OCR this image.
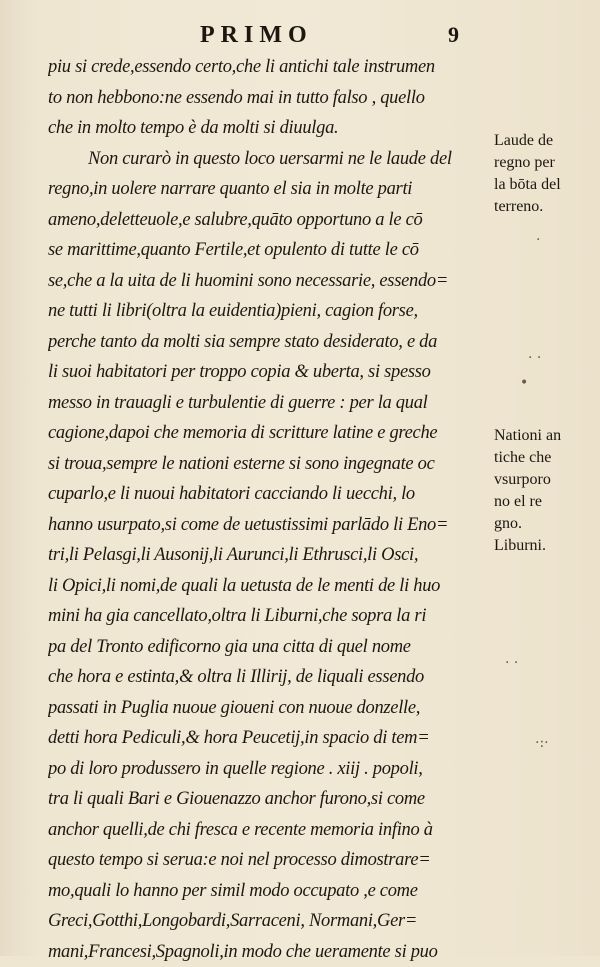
PRIMO	9
piu si crede,essendo certo,che li antichi tale instrumen
to non hebbono:ne essendo mai in tutto falso , quello
che in molto tempo è da molti si diuulga.
Non curarò in questo loco uersarmi ne le laude del
regno,in uolere narrare quanto el sia in molte parti
ameno,deletteuole,e salubre,quāto opportuno a le cō
se marittime,quanto Fertile,et opulento di tutte le cō
se,che a la uita de li huomini sono necessarie, essendo=
ne tutti li libri(oltra la euidentia)pieni, cagion forse,
perche tanto da molti sia sempre stato desiderato, e da
li suoi habitatori per troppo copia & uberta, si spesso
messo in trauagli e turbulentie di guerre : per la qual
cagione,dapoi che memoria di scritture latine e greche
si troua,sempre le nationi esterne si sono ingegnate oc
cuparlo,e li nuoui habitatori cacciando li uecchi, lo
hanno usurpato,si come de uetustissimi parlādo li Eno=
tri,li Pelasgi,li Ausonij,li Aurunci,li Ethrusci,li Osci,
li Opici,li nomi,de quali la uetusta de le menti de li huo
mini ha gia cancellato,oltra li Liburni,che sopra la ri
pa del Tronto edificorno gia una citta di quel nome
che hora e estinta,& oltra li Illirij, de liquali essendo
passati in Puglia nuoue gioueni con nuoue donzelle,
detti hora Pediculi,& hora Peucetij,in spacio di tem=
po di loro produssero in quelle regione . xiij . popoli,
tra li quali Bari e Giouenazzo anchor furono,si come
anchor quelli,de chi fresca e recente memoria infino à
questo tempo si serua:e noi nel processo dimostrare=
mo,quali lo hanno per simil modo occupato ,e come
Greci,Gotthi,Longobardi,Sarraceni, Normani,Ger=
mani,Francesi,Spagnoli,in modo che ueramente si puo
Laude de
regno per
la bōta del
terreno.
Nationi an
tiche che
vsurporo
no el re
gno.
Liburni.
·
· ·
•
· ·
·:·
